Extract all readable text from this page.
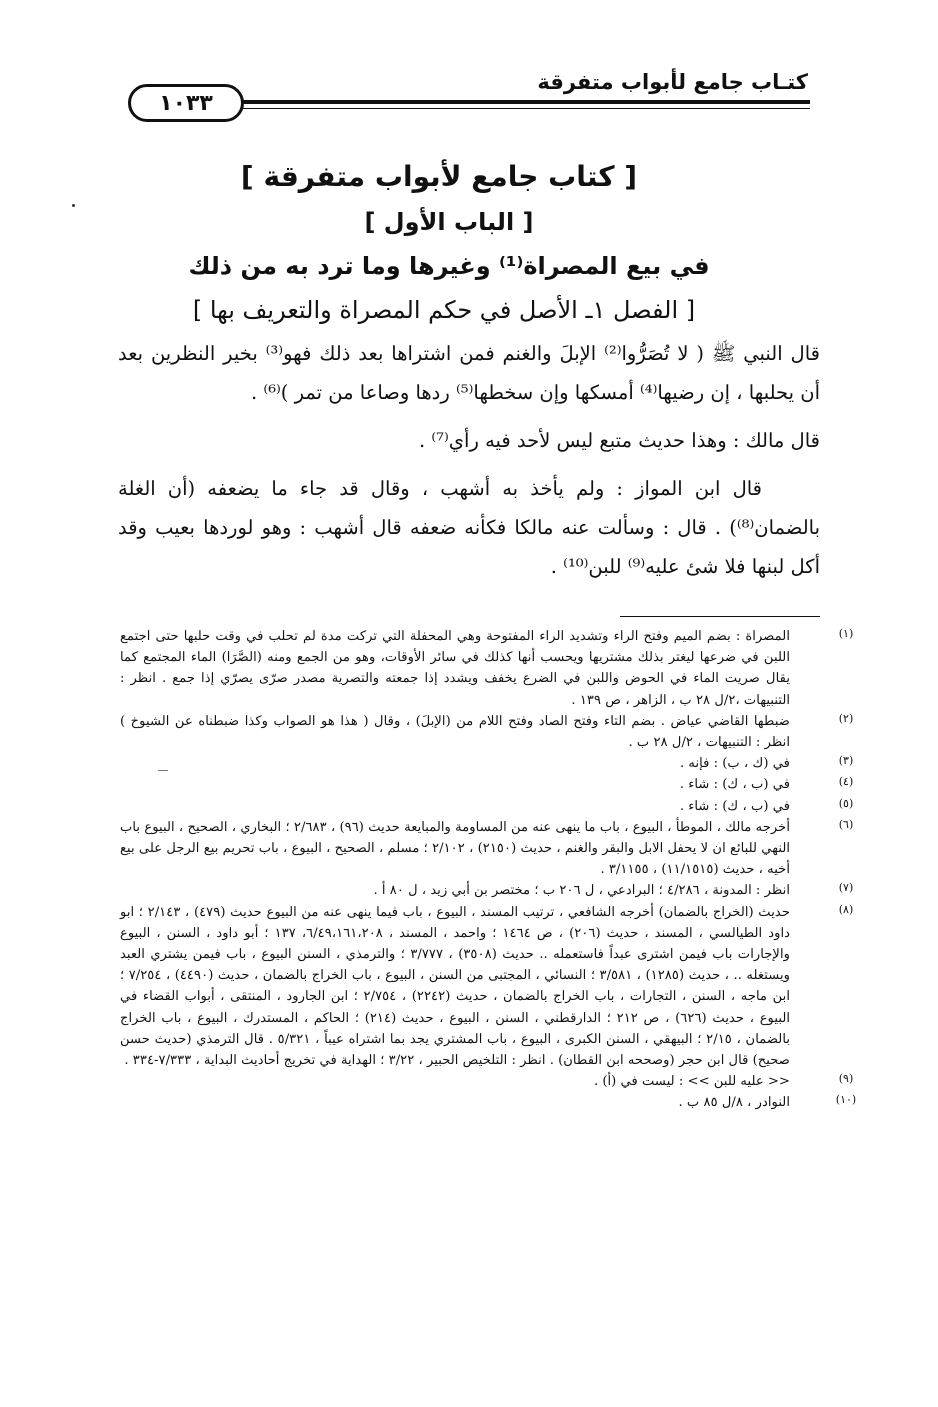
كتـاب جامع لأبواب متفرقة
١٠٣٣
[ كتاب جامع لأبواب متفرقة ]
[ الباب الأول ]
في بيع المصراة⁽¹⁾ وغيرها وما ترد به من ذلك
[ الفصل ١ـ الأصل في حكم المصراة والتعريف بها ]

قال النبي ﷺ ( لا تُصَرُّوا⁽²⁾ الإبلَ والغنم فمن اشتراها بعد ذلك فهو⁽³⁾ بخير النظرين بعد أن يحلبها ، إن رضيها⁽⁴⁾ أمسكها وإن سخطها⁽⁵⁾ ردها وصاعا من تمر )⁽⁶⁾ .

قال مالك : وهذا حديث متبع ليس لأحد فيه رأي⁽⁷⁾ .

قال ابن المواز : ولم يأخذ به أشهب ، وقال قد جاء ما يضعفه (أن الغلة بالضمان⁽⁸⁾) . قال : وسألت عنه مالكا فكأنه ضعفه قال أشهب : وهو لوردها بعيب وقد أكل لبنها فلا شئ عليه⁽⁹⁾ للبن⁽¹⁰⁾ .

(١)
المصراة : بضم الميم وفتح الراء وتشديد الراء المفتوحة وهي المحفلة التي تركت مدة لم تحلب في وقت حلبها حتى اجتمع اللبن في ضرعها ليغتر بذلك مشتريها ويحسب أنها كذلك في سائر الأوقات، وهو من الجمع ومنه (الصَّرَا) الماء المجتمع كما يقال صريت الماء في الحوض واللبن في الضرع يخفف ويشدد إذا جمعته والتصرية مصدر صرّى يصرّي إذا جمع . انظر : التنبيهات ،٢/ل ٢٨ ب ، الزاهر ، ص ١٣٩ .
(٢)
ضبطها القاضي عياض . بضم التاء وفتح الصاد وفتح اللام من (الإبلَ) ، وقال ( هذا هو الصواب وكذا ضبطناه عن الشيوخ ) انظر : التنبيهات ، ٢/ل ٢٨ ب .
(٣)
في (ك ، ب) : فإنه .
(٤)
في (ب ، ك) : شاء .
(٥)
في (ب ، ك) : شاء .
(٦)
أخرجه مالك ، الموطأ ، البيوع ، باب ما ينهى عنه من المساومة والمبايعة حديث (٩٦) ، ٢/٦٨٣ ؛ البخاري ، الصحيح ، البيوع باب النهي للبائع ان لا يحفل الابل والبقر والغنم ، حديث (٢١٥٠) ، ٢/١٠٢ ؛ مسلم ، الصحيح ، البيوع ، باب تحريم بيع الرجل على بيع أخيه ، حديث (١١/١٥١٥) ، ٣/١١٥٥ .
(٧)
انظر : المدونة ، ٤/٢٨٦ ؛ البرادعي ، ل ٢٠٦ ب ؛ مختصر بن أبي زيد ، ل ٨٠ أ .
(٨)
حديث (الخراج بالضمان) أخرجه الشافعي ، ترتيب المسند ، البيوع ، باب فيما ينهى عنه من البيوع حديث (٤٧٩) ، ٢/١٤٣ ؛ ابو داود الطيالسي ، المسند ، حديث (٢٠٦) ، ص ١٤٦٤ ؛ واحمد ، المسند ، ٦/٤٩،١٦١،٢٠٨، ١٣٧ ؛ أبو داود ، السنن ، البيوع والإجارات باب فيمن اشترى عبداً فاستعمله .. حديث (٣٥٠٨) ، ٣/٧٧٧ ؛ والترمذي ، السنن البيوع ، باب فيمن يشتري العبد ويستغله .. ، حديث (١٢٨٥) ، ٣/٥٨١ ؛ النسائي ، المجتبى من السنن ، البيوع ، باب الخراج بالضمان ، حديث (٤٤٩٠) ، ٧/٢٥٤ ؛ ابن ماجه ، السنن ، التجارات ، باب الخراج بالضمان ، حديث (٢٢٤٢) ، ٢/٧٥٤ ؛ ابن الجارود ، المنتقى ، أبواب القضاء في البيوع ، حديث (٦٢٦) ، ص ٢١٢ ؛ الدارقطني ، السنن ، البيوع ، حديث (٢١٤) ؛ الحاكم ، المستدرك ، البيوع ، باب الخراج بالضمان ، ٢/١٥ ؛ البيهقي ، السنن الكبرى ، البيوع ، باب المشتري يجد بما اشتراه عيباً ، ٥/٣٢١ . قال الترمذي (حديث حسن صحيح) قال ابن حجر (وصححه ابن القطان) . انظر : التلخيص الحبير ، ٣/٢٢ ؛ الهداية في تخريج أحاديث البداية ، ٧/٣٣٣-٣٣٤ .
(٩)
<< عليه للبن >> : ليست في (أ) .
(١٠)
النوادر ، ٨/ل ٨٥ ب .
